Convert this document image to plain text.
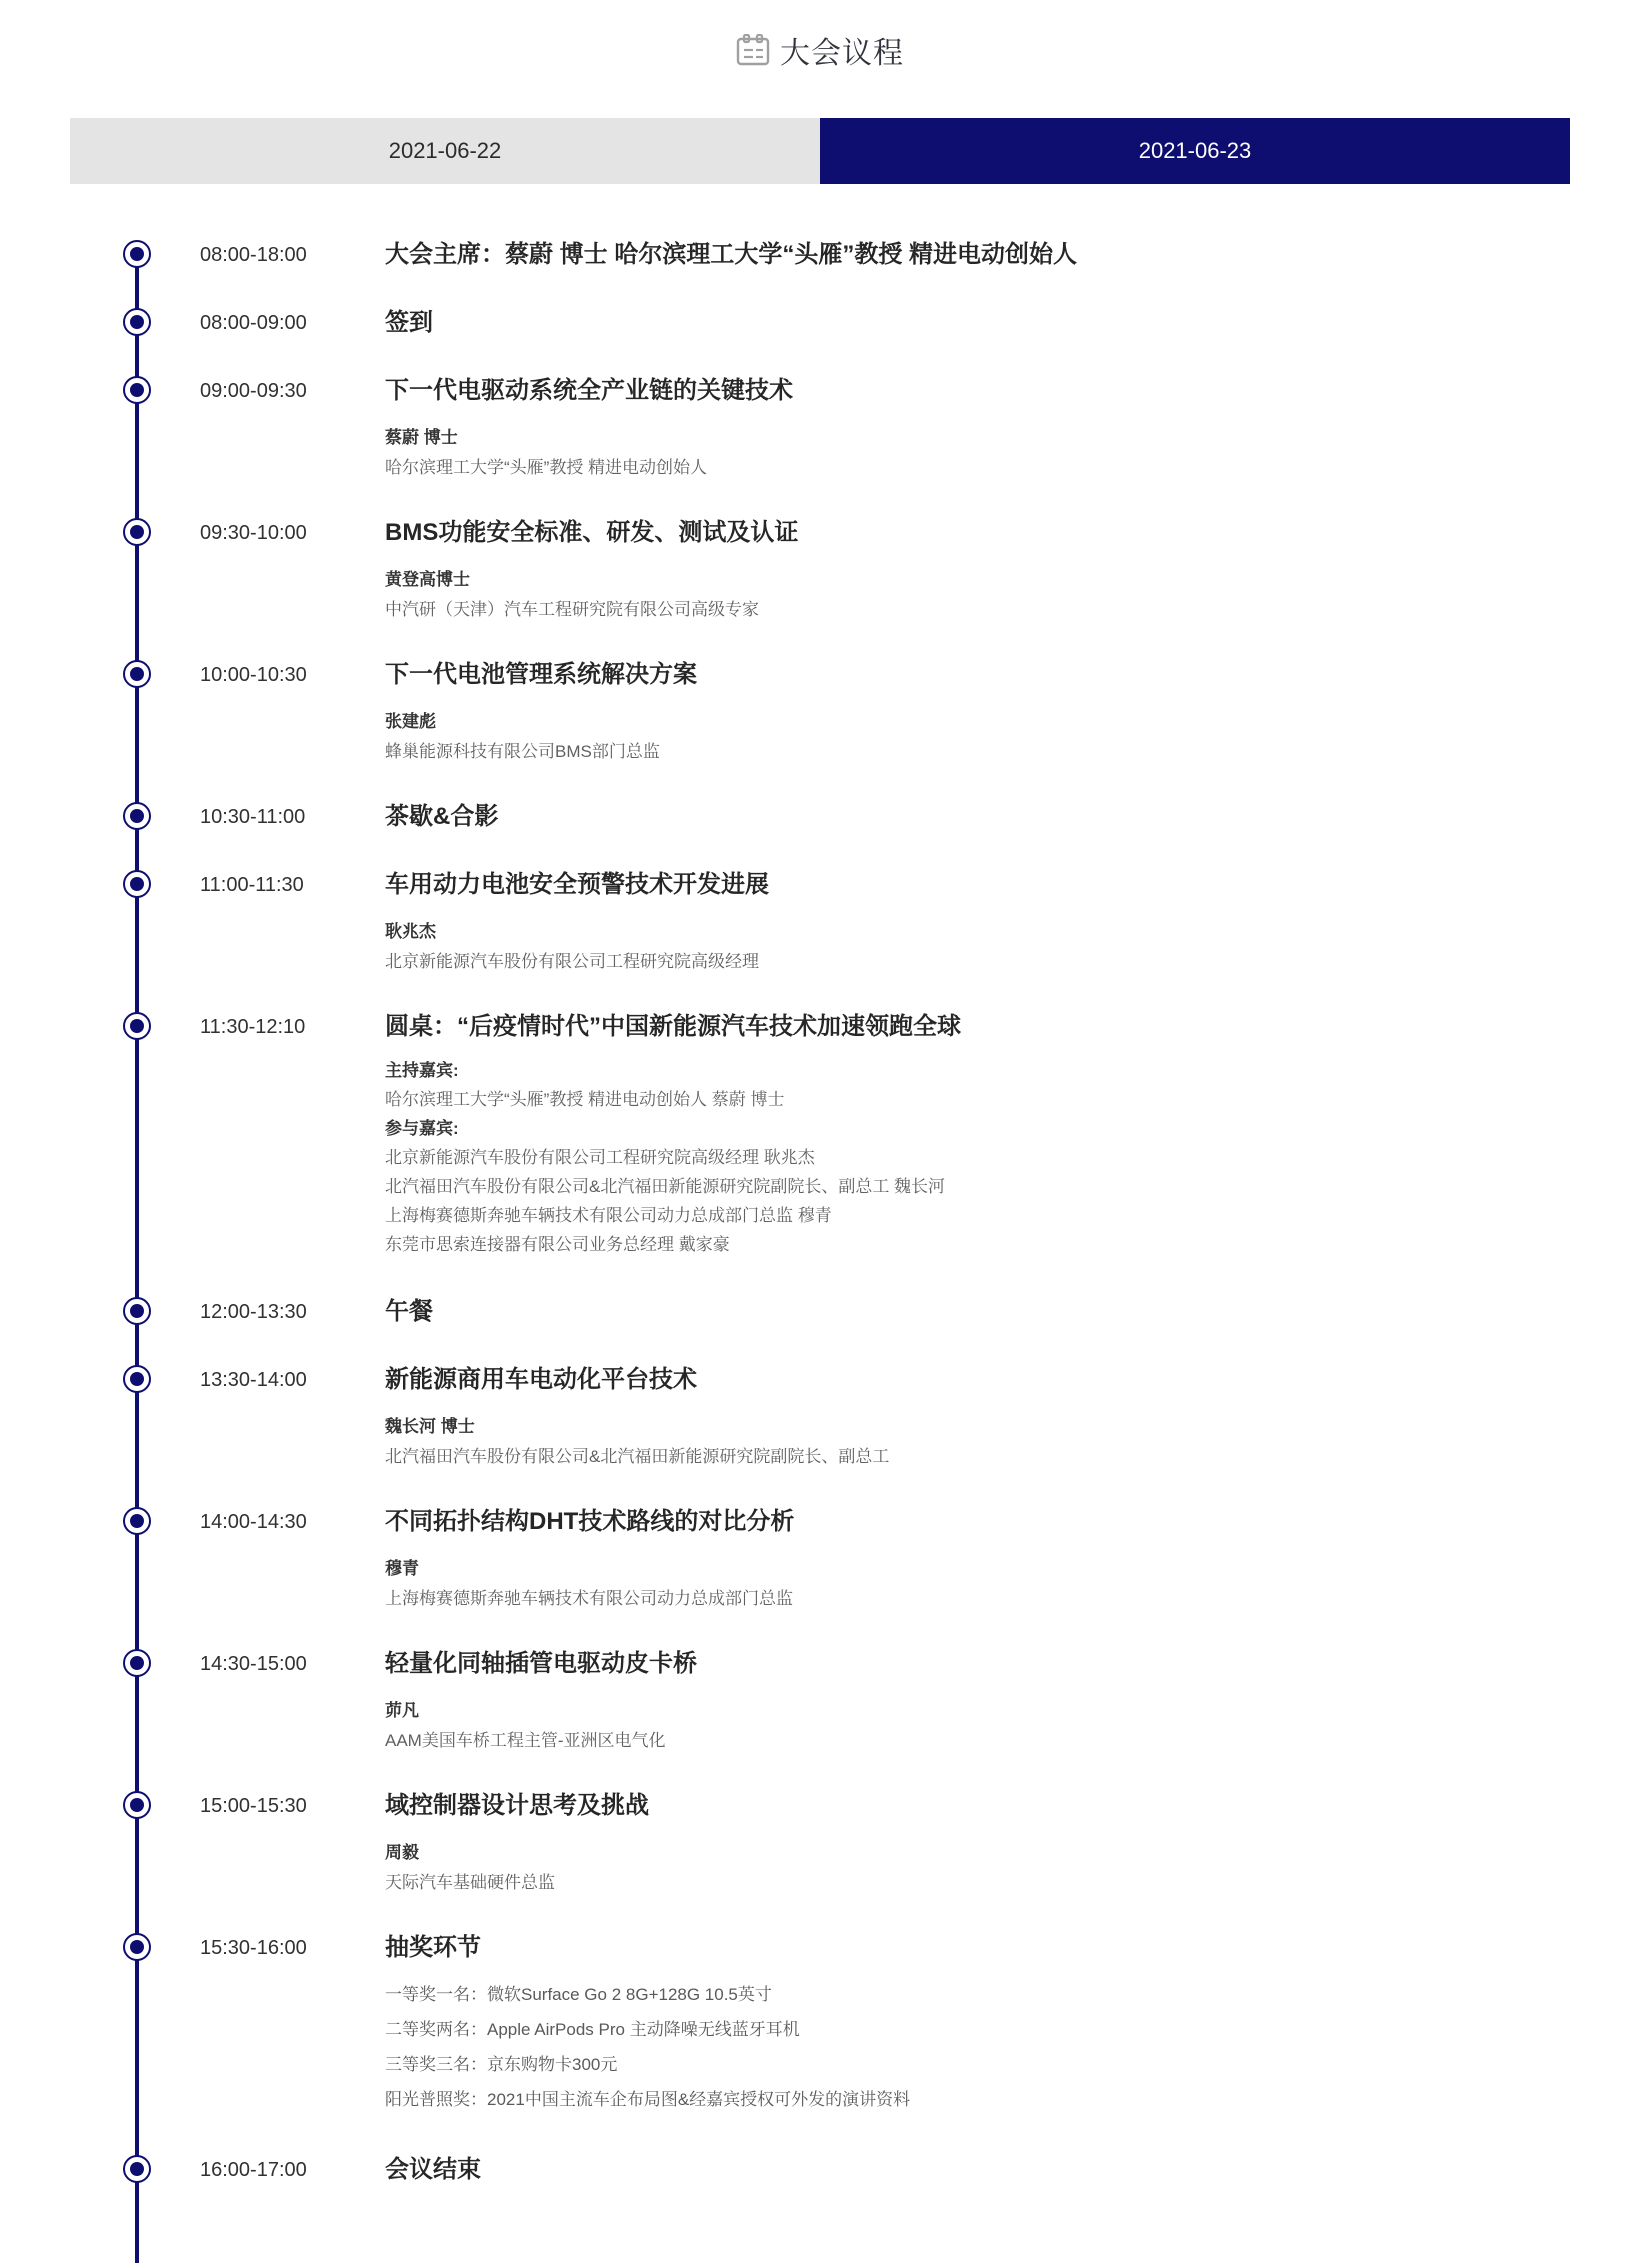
大会议程
2021-06-22	2021-06-23
08:00-18:00	大会主席：蔡蔚 博士 哈尔滨理工大学“头雁”教授 精进电动创始人
08:00-09:00	签到
09:00-09:30	下一代电驱动系统全产业链的关键技术
蔡蔚 博士
哈尔滨理工大学“头雁”教授 精进电动创始人
09:30-10:00	BMS功能安全标准、研发、测试及认证
黄登高博士
中汽研（天津）汽车工程研究院有限公司高级专家
10:00-10:30	下一代电池管理系统解决方案
张建彪
蜂巢能源科技有限公司BMS部门总监
10:30-11:00	茶歇&合影
11:00-11:30	车用动力电池安全预警技术开发进展
耿兆杰
北京新能源汽车股份有限公司工程研究院高级经理
11:30-12:10	圆桌：“后疫情时代”中国新能源汽车技术加速领跑全球
主持嘉宾:
哈尔滨理工大学“头雁”教授 精进电动创始人 蔡蔚 博士
参与嘉宾:
北京新能源汽车股份有限公司工程研究院高级经理 耿兆杰
北汽福田汽车股份有限公司&北汽福田新能源研究院副院长、副总工 魏长河
上海梅赛德斯奔驰车辆技术有限公司动力总成部门总监 穆青
东莞市思索连接器有限公司业务总经理 戴家豪
12:00-13:30	午餐
13:30-14:00	新能源商用车电动化平台技术
魏长河 博士
北汽福田汽车股份有限公司&北汽福田新能源研究院副院长、副总工
14:00-14:30	不同拓扑结构DHT技术路线的对比分析
穆青
上海梅赛德斯奔驰车辆技术有限公司动力总成部门总监
14:30-15:00	轻量化同轴插管电驱动皮卡桥
茆凡
AAM美国车桥工程主管-亚洲区电气化
15:00-15:30	域控制器设计思考及挑战
周毅
天际汽车基础硬件总监
15:30-16:00	抽奖环节
一等奖一名：微软Surface Go 2 8G+128G 10.5英寸
二等奖两名：Apple AirPods Pro 主动降噪无线蓝牙耳机
三等奖三名：京东购物卡300元
阳光普照奖：2021中国主流车企布局图&经嘉宾授权可外发的演讲资料
16:00-17:00	会议结束
